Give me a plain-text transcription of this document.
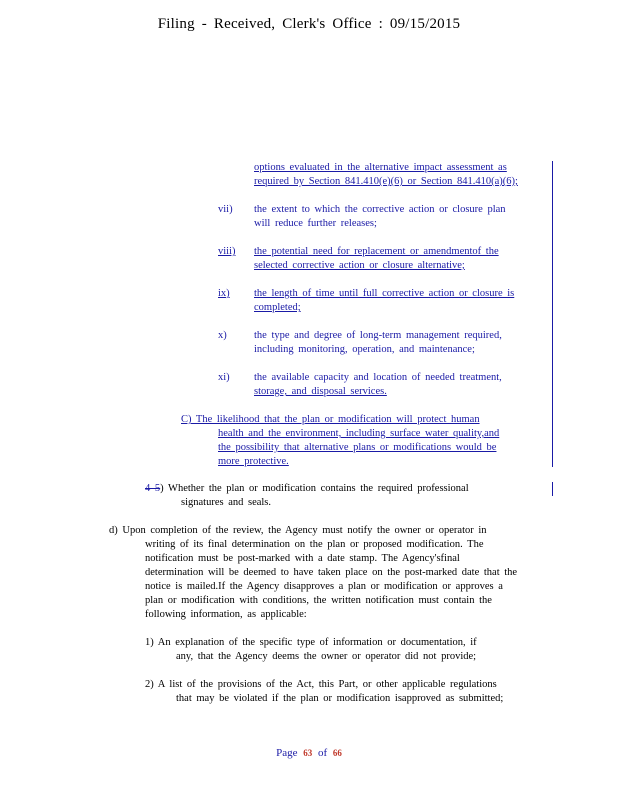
Filing - Received, Clerk's Office : 09/15/2015
options evaluated in the alternative impact assessment as
required by Section 841.410(e)(6) or Section 841.410(a)(6);
vii) the extent to which the corrective action or closure plan
will reduce further releases;
viii) the potential need for replacement or amendmentof the
selected corrective action or closure alternative;
ix) the length of time until full corrective action or closure is
completed;
x)	the type and degree of long-term management required,
including monitoring, operation, and maintenance;
xi) the available capacity and location of needed treatment,
storage, and disposal services.
C) The likelihood that the plan or modification will protect human
health and the environment, including surface water quality,and
the possibility that alternative plans or modifications would be
more protective.
4 5) Whether the plan or modification contains the required professional
signatures and seals.
d) Upon completion of the review, the Agency must notify the owner or operator in
writing of its final determination on the plan or proposed modification. The
notification must be post-marked with a date stamp. The Agency'sfinal
determination will be deemed to have taken place on the post-marked date that the
notice is mailed.If the Agency disapproves a plan or modification or approves a
plan or modification with conditions, the written notification must contain the
following information, as applicable:
1) An explanation of the specific type of information or documentation, if
any, that the Agency deems the owner or operator did not provide;
2) A list of the provisions of the Act, this Part, or other applicable regulations
that may be violated if the plan or modification isapproved as submitted;
Page 63 of 66
